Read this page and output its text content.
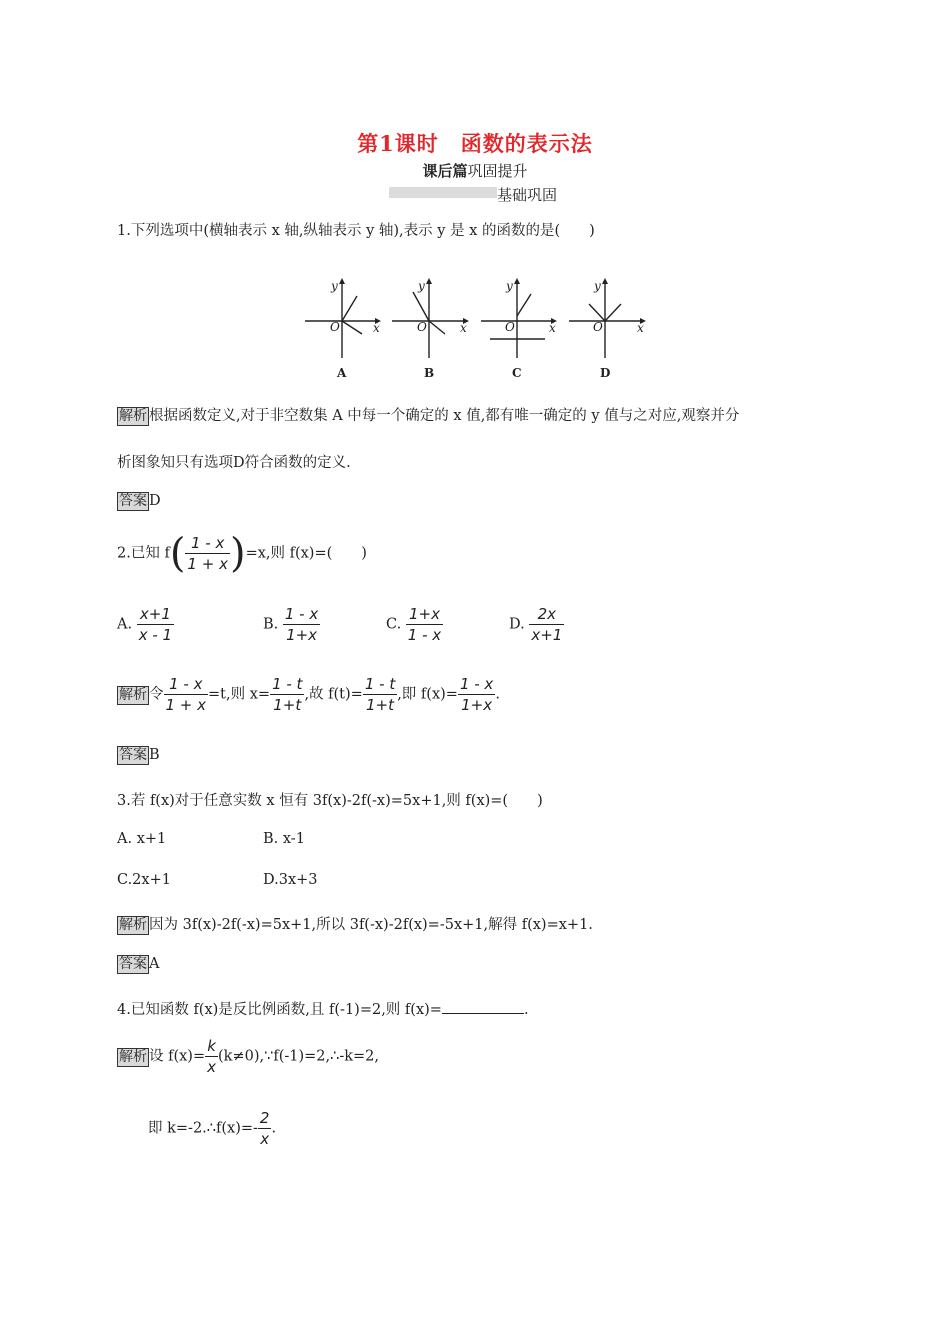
第1课时　函数的表示法
课后篇巩固提升
基础巩固
1.下列选项中(横轴表示 x 轴,纵轴表示 y 轴),表示 y 是 x 的函数的是(　　)
O	x
y
O	x
y
O	x
y
O	x
y
A	B	C	D
解析 根据函数定义,对于非空数集 A 中每一个确定的 x 值,都有唯一确定的 y 值与之对应,观察并分
析图象知只有选项D符合函数的定义.
答案 D
2.已知 $f( \frac{1 - x}{1 + x} )=x$,则 f(x)=(　　)
A. $\frac{x+1}{x - 1}$	B. $\frac{1 - x}{1+x}$	C. $\frac{1+x}{1 - x}$	D. $\frac{2x}{x+1}$
解析 令 $\frac{1 - x}{1 + x} =t$,则 $x= \frac{1 - t}{1+t}$ ,故 $f(t)= \frac{1 - t}{1+t}$ ,即 $f(x)= \frac{1 - x}{1+x}$ .
答案 B
3.若 f(x)对于任意实数 x 恒有 3f(x)-2f(-x)=5x+1,则 f(x)=(　　)
A. x+1	B. x-1
C.2x+1	D.3x+3
解析 因为 3f(x)-2f(-x)=5x+1,所以 3f(-x)-2f(x)=-5x+1,解得 f(x)=x+1.
答案 A
4.已知函数 f(x)是反比例函数,且 f(-1)=2,则 f(x)=	.
解析 设 $f(x)= \frac{k}{x}$ (k≠0),∵f(-1)=2,∴-k=2,
即 k=-2.∴f(x)=- $\frac{2}{x}$ .
